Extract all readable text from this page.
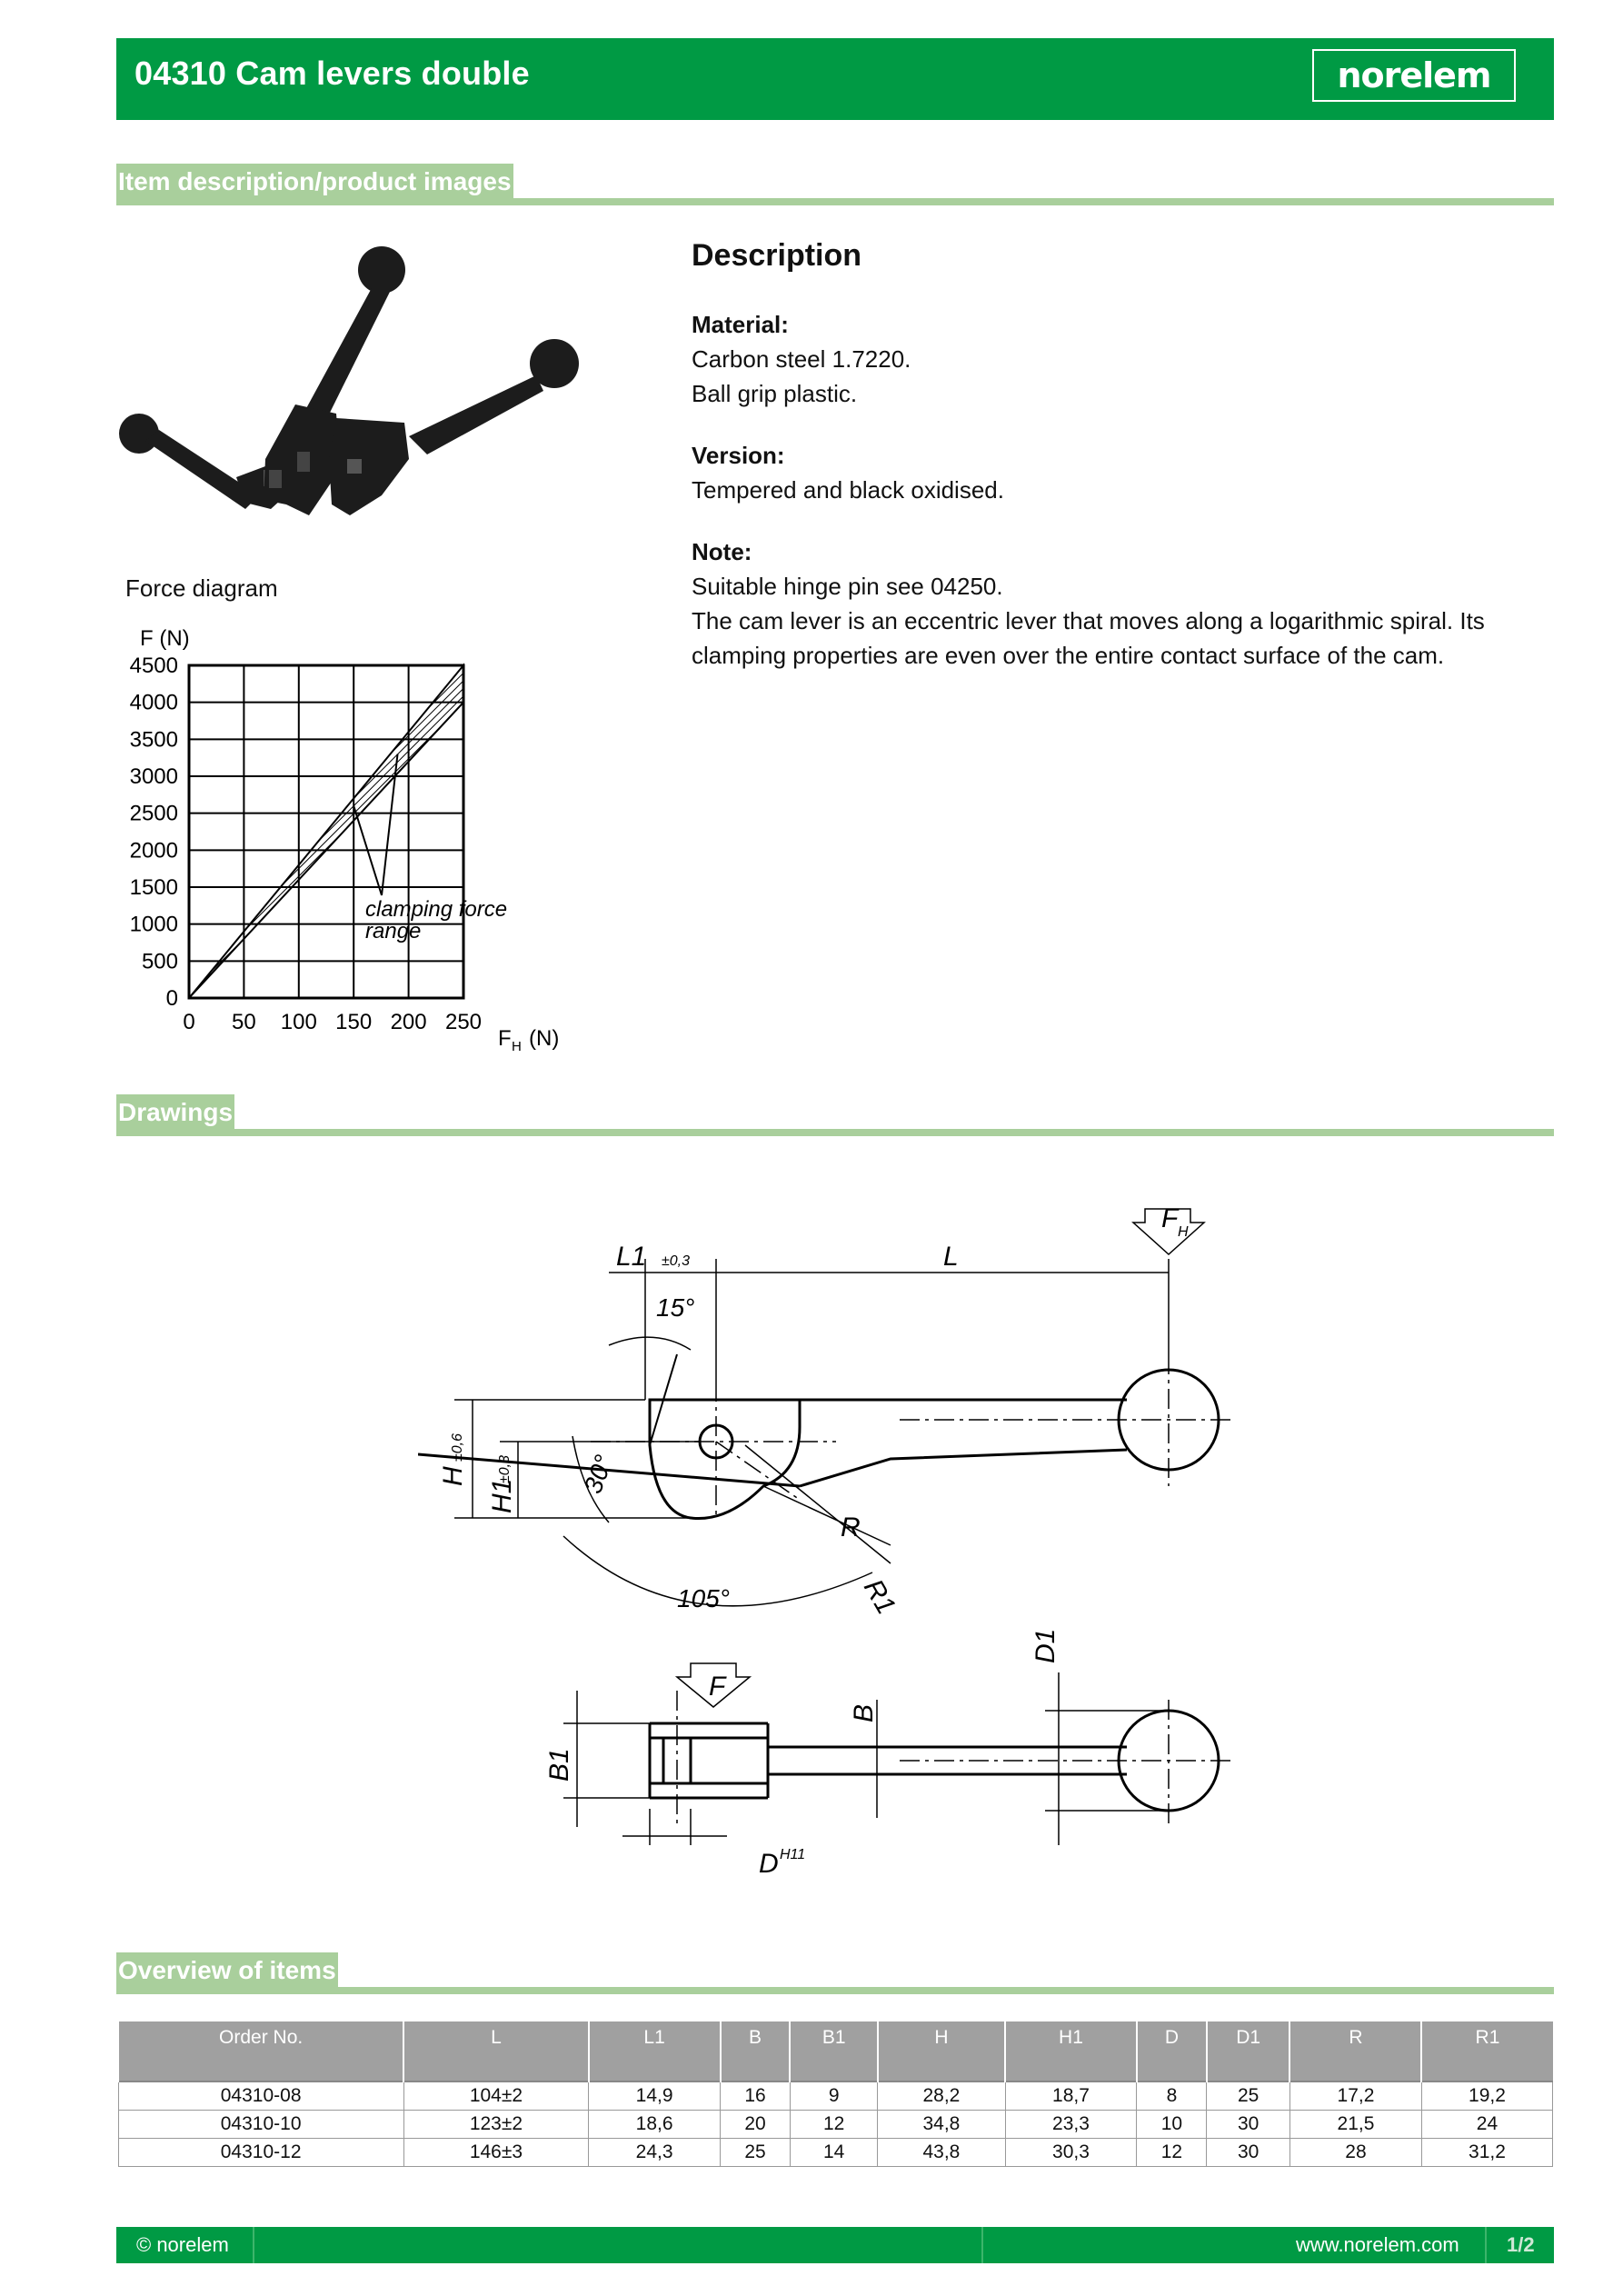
04310 Cam levers double	norelem
Item description/product images
Force diagram
F (N)
0
500
1000
1500
2000
2500
3000
3500
4000
4500
0 50 100 150 200 250
F H (N)
clamping force
range
Description
Material:
Carbon steel 1.7220.
Ball grip plastic.
Version:
Tempered and black oxidised.
Note:
Suitable hinge pin see 04250.
The cam lever is an eccentric lever that moves along a logarithmic spiral. Its
clamping properties are even over the entire contact surface of the cam.
Drawings
L1 ±0,3	L
F H
15°
30°
105°
H
±0,6
H1
±0,3
R
R1
F
B
B1
D H11
D1
Overview of items
Order No.	L	L1	B	B1	H	H1	D	D1	R	R1
04310-08	104±2	14,9	16	9	28,2	18,7	8	25	17,2	19,2
04310-10	123±2	18,6	20	12	34,8	23,3	10	30	21,5	24
04310-12	146±3	24,3	25	14	43,8	30,3	12	30	28	31,2
© norelem	www.norelem.com 1/2
